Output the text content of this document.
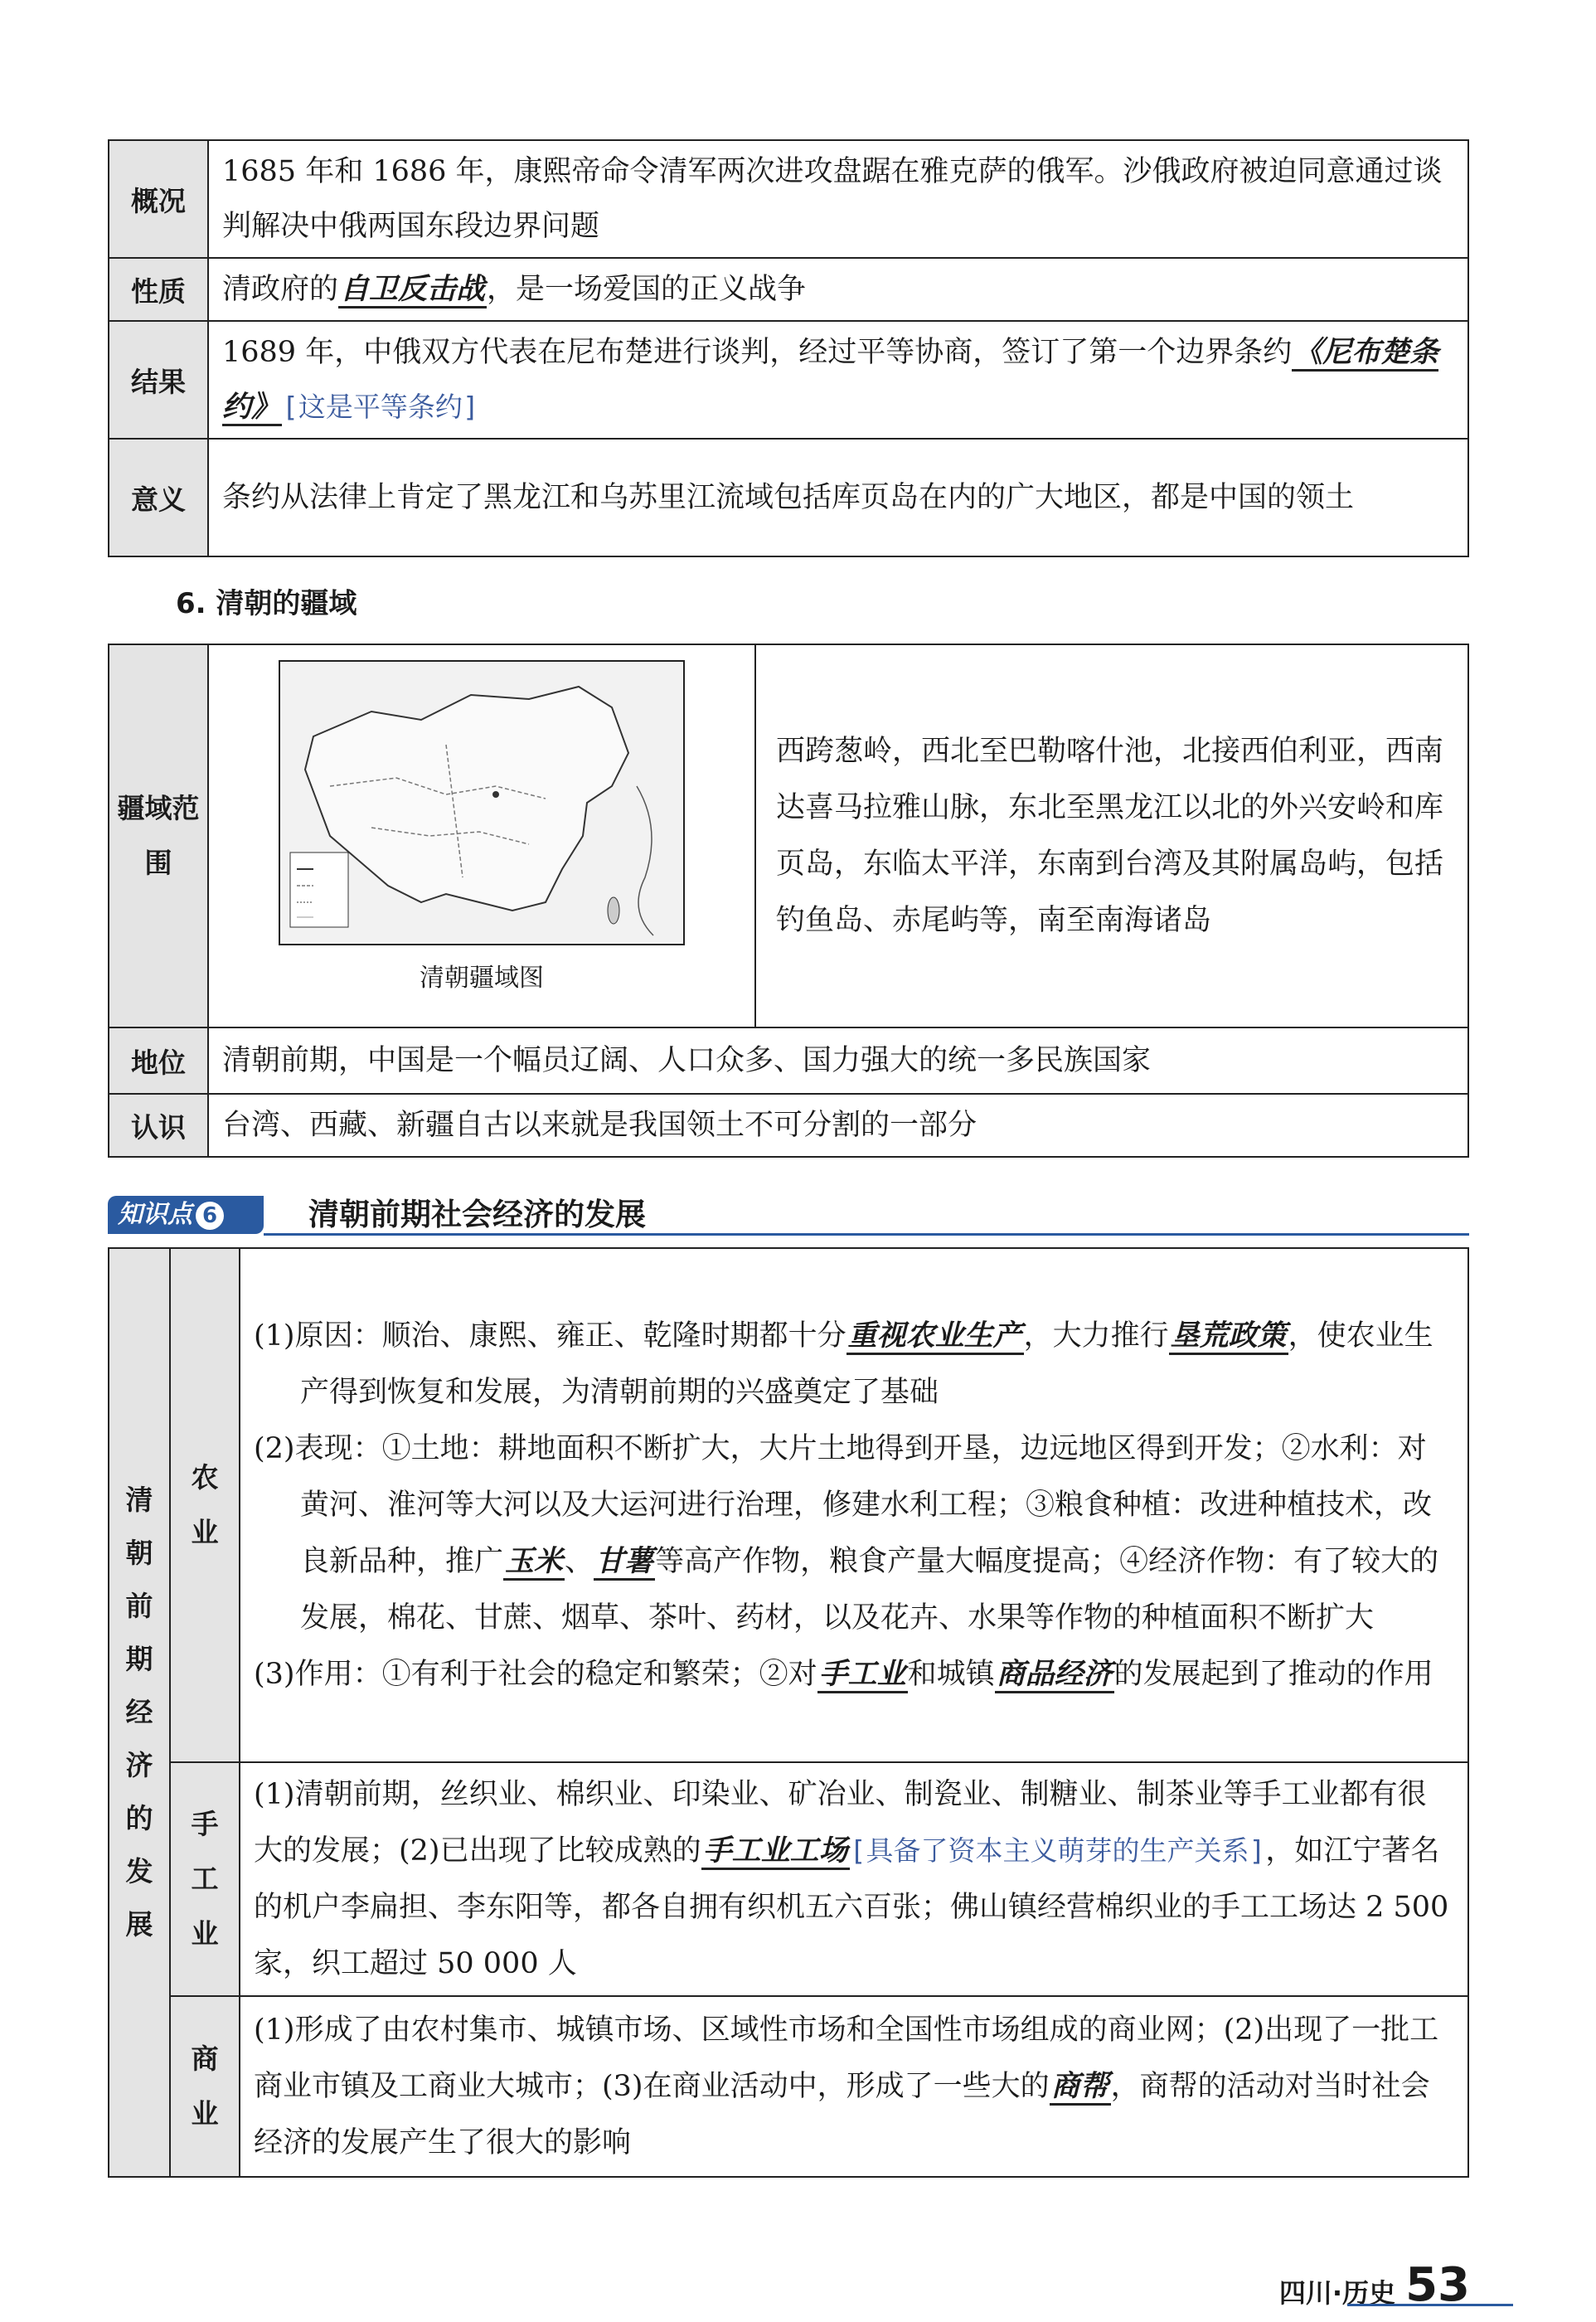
概况	1685 年和 1686 年，康熙帝命令清军两次进攻盘踞在雅克萨的俄军。沙俄政府被迫同意通过谈判解决中俄两国东段边界问题
性质	清政府的自卫反击战，是一场爱国的正义战争
结果	1689 年，中俄双方代表在尼布楚进行谈判，经过平等协商，签订了第一个边界条约《尼布楚条约》[这是平等条约]
意义	条约从法律上肯定了黑龙江和乌苏里江流域包括库页岛在内的广大地区，都是中国的领土
6. 清朝的疆域
疆域范围	清朝疆域图	西跨葱岭，西北至巴勒喀什池，北接西伯利亚，西南达喜马拉雅山脉，东北至黑龙江以北的外兴安岭和库页岛，东临太平洋，东南到台湾及其附属岛屿，包括钓鱼岛、赤尾屿等，南至南海诸岛
地位	清朝前期，中国是一个幅员辽阔、人口众多、国力强大的统一多民族国家	
认识	台湾、西藏、新疆自古以来就是我国领土不可分割的一部分	
知识点 6	清朝前期社会经济的发展
清朝前期经济的发展	农业	(1)原因：顺治、康熙、雍正、乾隆时期都十分重视农业生产，大力推行垦荒政策，使农业生产得到恢复和发展，为清朝前期的兴盛奠定了基础

(2)表现：①土地：耕地面积不断扩大，大片土地得到开垦，边远地区得到开发；②水利：对黄河、淮河等大河以及大运河进行治理，修建水利工程；③粮食种植：改进种植技术，改良新品种，推广玉米、甘薯等高产作物，粮食产量大幅度提高；④经济作物：有了较大的发展，棉花、甘蔗、烟草、茶叶、药材，以及花卉、水果等作物的种植面积不断扩大

(3)作用：①有利于社会的稳定和繁荣；②对手工业和城镇商品经济的发展起到了推动的作用

	手工业	(1)清朝前期，丝织业、棉织业、印染业、矿冶业、制瓷业、制糖业、制茶业等手工业都有很大的发展；(2)已出现了比较成熟的手工业工场[具备了资本主义萌芽的生产关系]，如江宁著名的机户李扁担、李东阳等，都各自拥有织机五六百张；佛山镇经营棉织业的手工工场达 2 500 家，织工超过 50 000 人

	商业	(1)形成了由农村集市、城镇市场、区域性市场和全国性市场组成的商业网；(2)出现了一批工商业市镇及工商业大城市；(3)在商业活动中，形成了一些大的商帮，商帮的活动对当时社会经济的发展产生了很大的影响
四川·历史 53
